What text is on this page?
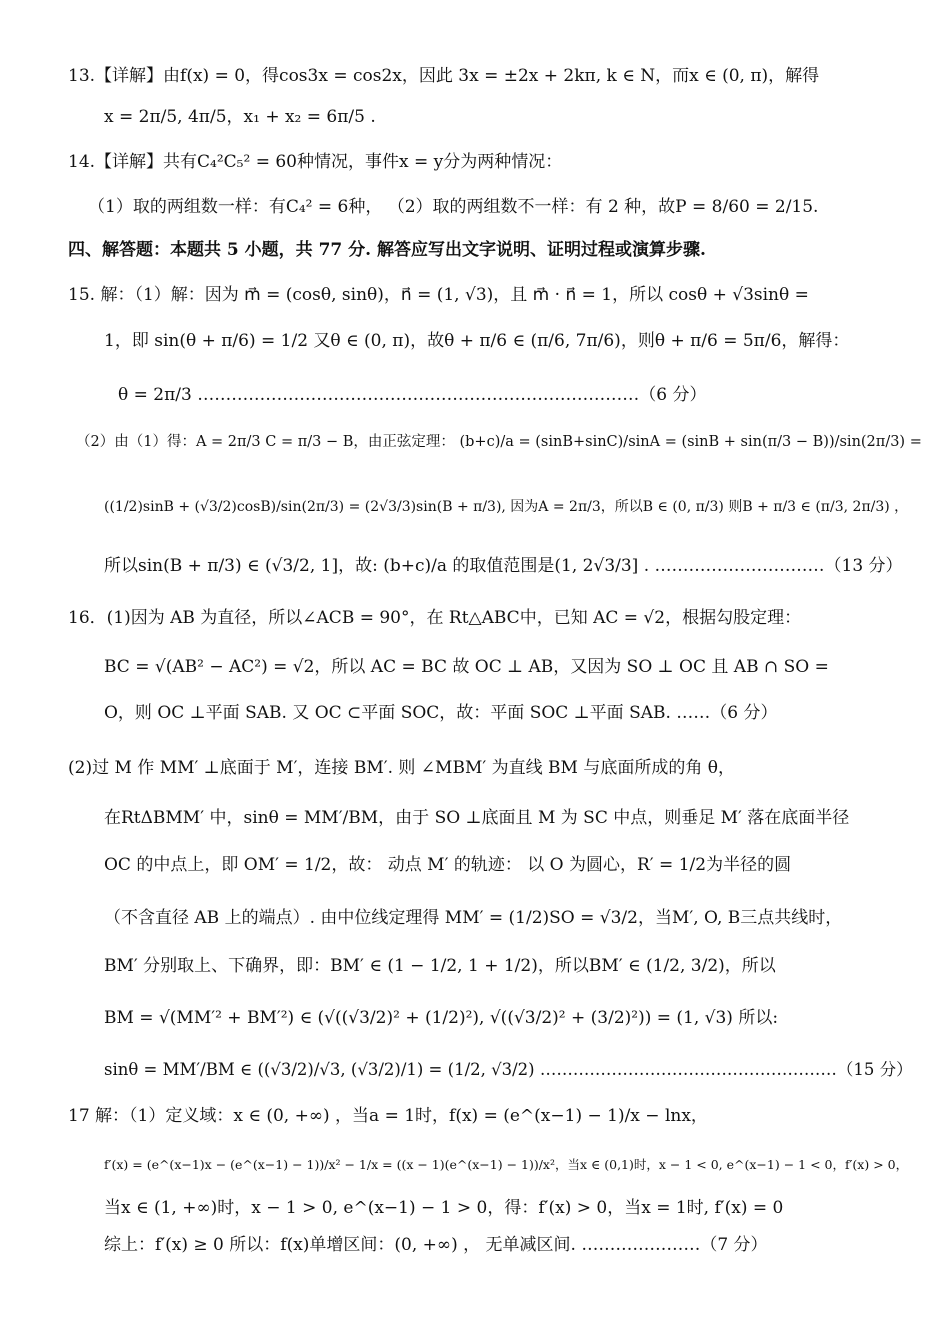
13.【详解】由f(x) = 0，得cos3x = cos2x，因此 3x = ±2x + 2kπ, k ∈ N，而x ∈ (0, π)，解得
x = 2π/5, 4π/5，x₁ + x₂ = 6π/5 .
14.【详解】共有C₄²C₅² = 60种情况，事件x = y分为两种情况：
（1）取的两组数一样：有C₄² = 6种， （2）取的两组数不一样：有 2 种，故P = 8/60 = 2/15.
四、解答题：本题共 5 小题，共 77 分. 解答应写出文字说明、证明过程或演算步骤.
15. 解：（1）解：因为 m⃗ = (cosθ, sinθ)，n⃗ = (1, √3)，且 m⃗ · n⃗ = 1，所以 cosθ + √3sinθ =
1，即 sin(θ + π/6) = 1/2 又θ ∈ (0, π)，故θ + π/6 ∈ (π/6, 7π/6)，则θ + π/6 = 5π/6，解得：
θ = 2π/3 ……………………………………………………………………（6 分）
（2）由（1）得：A = 2π/3 C = π/3 − B，由正弦定理： (b+c)/a = (sinB+sinC)/sinA = (sinB + sin(π/3 − B))/sin(2π/3) =
((1/2)sinB + (√3/2)cosB)/sin(2π/3) = (2√3/3)sin(B + π/3), 因为A = 2π/3，所以B ∈ (0, π/3) 则B + π/3 ∈ (π/3, 2π/3) ，
所以sin(B + π/3) ∈ (√3/2, 1]，故: (b+c)/a 的取值范围是(1, 2√3/3] . …………………………（13 分）
16．(1)因为 AB 为直径，所以∠ACB = 90°，在 Rt△ABC中，已知 AC = √2，根据勾股定理：
BC = √(AB² − AC²) = √2，所以 AC = BC 故 OC ⊥ AB，又因为 SO ⊥ OC 且 AB ∩ SO =
O，则 OC ⊥平面 SAB. 又 OC ⊂平面 SOC，故：平面 SOC ⊥平面 SAB. ……（6 分）
(2)过 M 作 MM′ ⊥底面于 M′，连接 BM′. 则 ∠MBM′ 为直线 BM 与底面所成的角 θ，
在RtΔBMM′ 中，sinθ = MM′/BM，由于 SO ⊥底面且 M 为 SC 中点，则垂足 M′ 落在底面半径
OC 的中点上，即 OM′ = 1/2，故： 动点 M′ 的轨迹： 以 O 为圆心，R′ = 1/2为半径的圆
（不含直径 AB 上的端点）. 由中位线定理得 MM′ = (1/2)SO = √3/2，当M′, O, B三点共线时，
BM′ 分别取上、下确界，即：BM′ ∈ (1 − 1/2, 1 + 1/2)，所以BM′ ∈ (1/2, 3/2)，所以
BM = √(MM′² + BM′²) ∈ (√((√3/2)² + (1/2)²), √((√3/2)² + (3/2)²)) = (1, √3) 所以:
sinθ = MM′/BM ∈ ((√3/2)/√3, (√3/2)/1) = (1/2, √3/2) ………………………………………………（15 分）
17 解：（1）定义域：x ∈ (0, +∞) ，当a = 1时，f(x) = (e^(x−1) − 1)/x − lnx，
f′(x) = (e^(x−1)x − (e^(x−1) − 1))/x² − 1/x = ((x − 1)(e^(x−1) − 1))/x²，当x ∈ (0,1)时，x − 1 < 0, e^(x−1) − 1 < 0，f′(x) > 0，
当x ∈ (1, +∞)时，x − 1 > 0, e^(x−1) − 1 > 0，得：f′(x) > 0，当x = 1时, f′(x) = 0
综上：f′(x) ≥ 0 所以：f(x)单增区间：(0, +∞) ， 无单减区间. …………………（7 分）
